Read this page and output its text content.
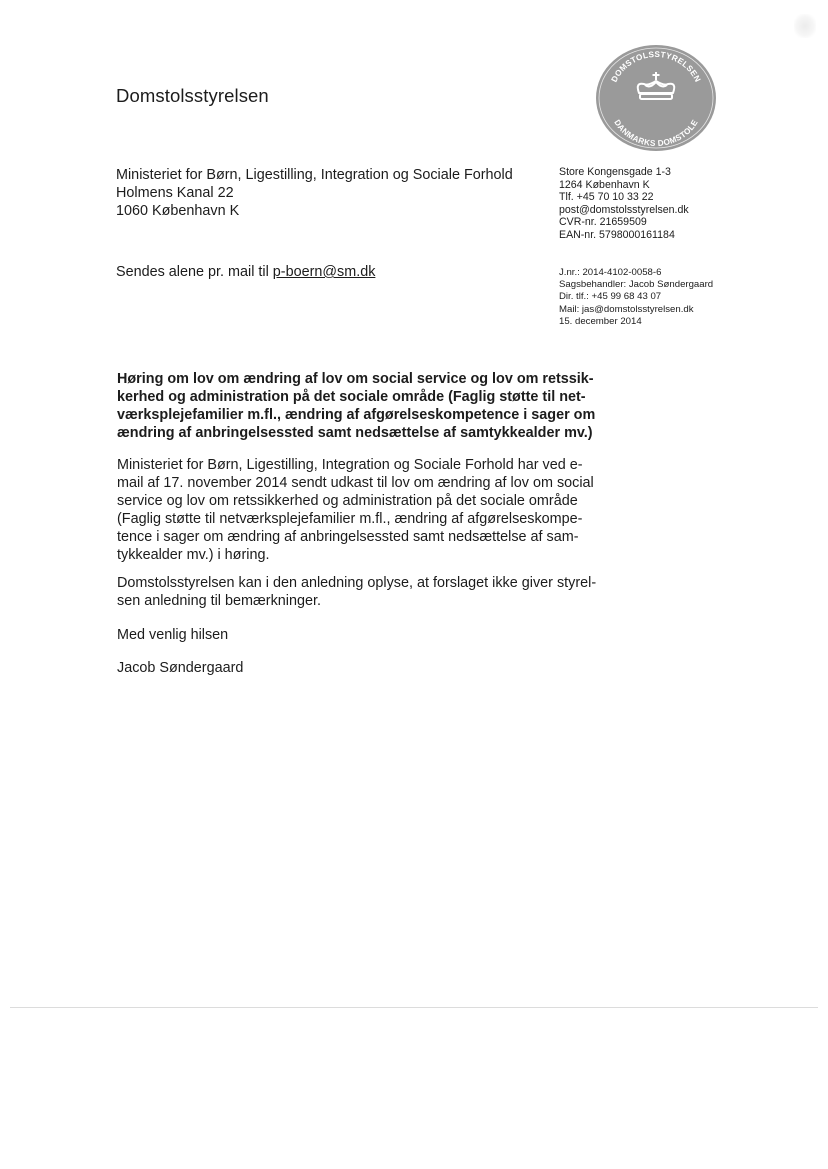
Domstolsstyrelsen
DOMSTOLSSTYRELSEN
DANMARKS DOMSTOLE
Ministeriet for Børn, Ligestilling, Integration og Sociale Forhold
Holmens Kanal 22
1060 København K
Store Kongensgade 1-3
1264 København K
Tlf. +45 70 10 33 22
post@domstolsstyrelsen.dk
CVR-nr. 21659509
EAN-nr. 5798000161184
Sendes alene pr. mail til p-boern@sm.dk	J.nr.: 2014-4102-0058-6
Sagsbehandler: Jacob Søndergaard
Dir. tlf.: +45 99 68 43 07
Mail: jas@domstolsstyrelsen.dk
15. december 2014
Høring om lov om ændring af lov om social service og lov om retssik-
kerhed og administration på det sociale område (Faglig støtte til net-
værksplejefamilier m.fl., ændring af afgørelseskompetence i sager om
ændring af anbringelsessted samt nedsættelse af samtykkealder mv.)
Ministeriet for Børn, Ligestilling, Integration og Sociale Forhold har ved e-
mail af 17. november 2014 sendt udkast til lov om ændring af lov om social
service og lov om retssikkerhed og administration på det sociale område
(Faglig støtte til netværksplejefamilier m.fl., ændring af afgørelseskompe-
tence i sager om ændring af anbringelsessted samt nedsættelse af sam-
tykkealder mv.) i høring.
Domstolsstyrelsen kan i den anledning oplyse, at forslaget ikke giver styrel-
sen anledning til bemærkninger.
Med venlig hilsen
Jacob Søndergaard
